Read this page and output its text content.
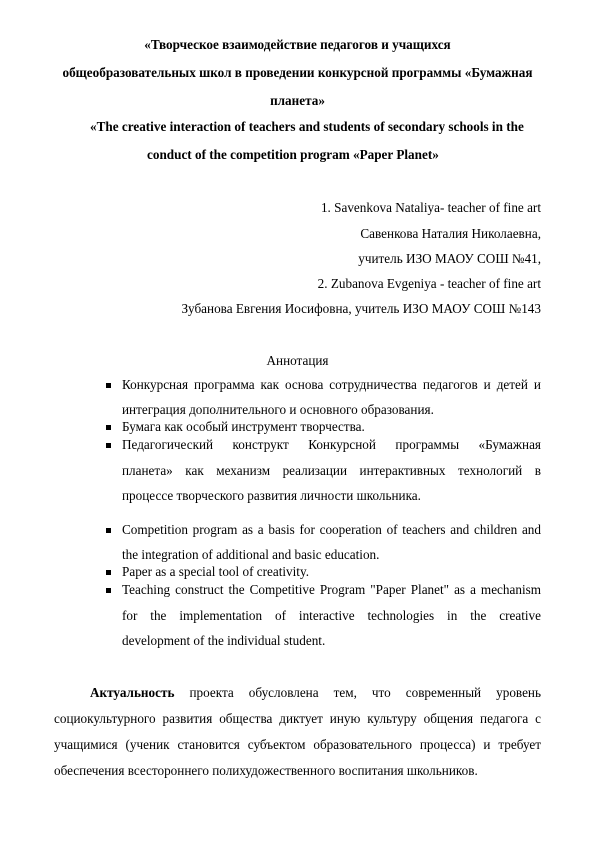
«Творческое взаимодействие педагогов и учащихся
общеобразовательных школ в проведении конкурсной программы «Бумажная
планета»
«The creative interaction of teachers and students of secondary schools in the
conduct of the competition program «Paper Planet»
1. Savenkova Nataliya- teacher of fine art
Савенкова Наталия Николаевна,
учитель ИЗО МАОУ СОШ №41,
2. Zubanova Evgeniya - teacher of fine art
Зубанова Евгения Иосифовна, учитель ИЗО МАОУ СОШ №143
Аннотация
Конкурсная программа как основа сотрудничества педагогов и детей и
интеграция дополнительного и основного образования.
Бумага как особый инструмент творчества.
Педагогический конструкт Конкурсной программы «Бумажная
планета» как механизм реализации интерактивных технологий в
процессе творческого развития личности школьника.
Competition program as a basis for cooperation of teachers and children and
the integration of additional and basic education.
Paper as a special tool of creativity.
Teaching construct the Competitive Program "Paper Planet" as a mechanism
for the implementation of interactive technologies in the creative
development of the individual student.
Актуальность проекта обусловлена тем, что современный уровень
социокультурного развития общества диктует иную культуру общения педагога с
учащимися (ученик становится субъектом образовательного процесса) и требует
обеспечения всестороннего полихудожественного воспитания школьников.
